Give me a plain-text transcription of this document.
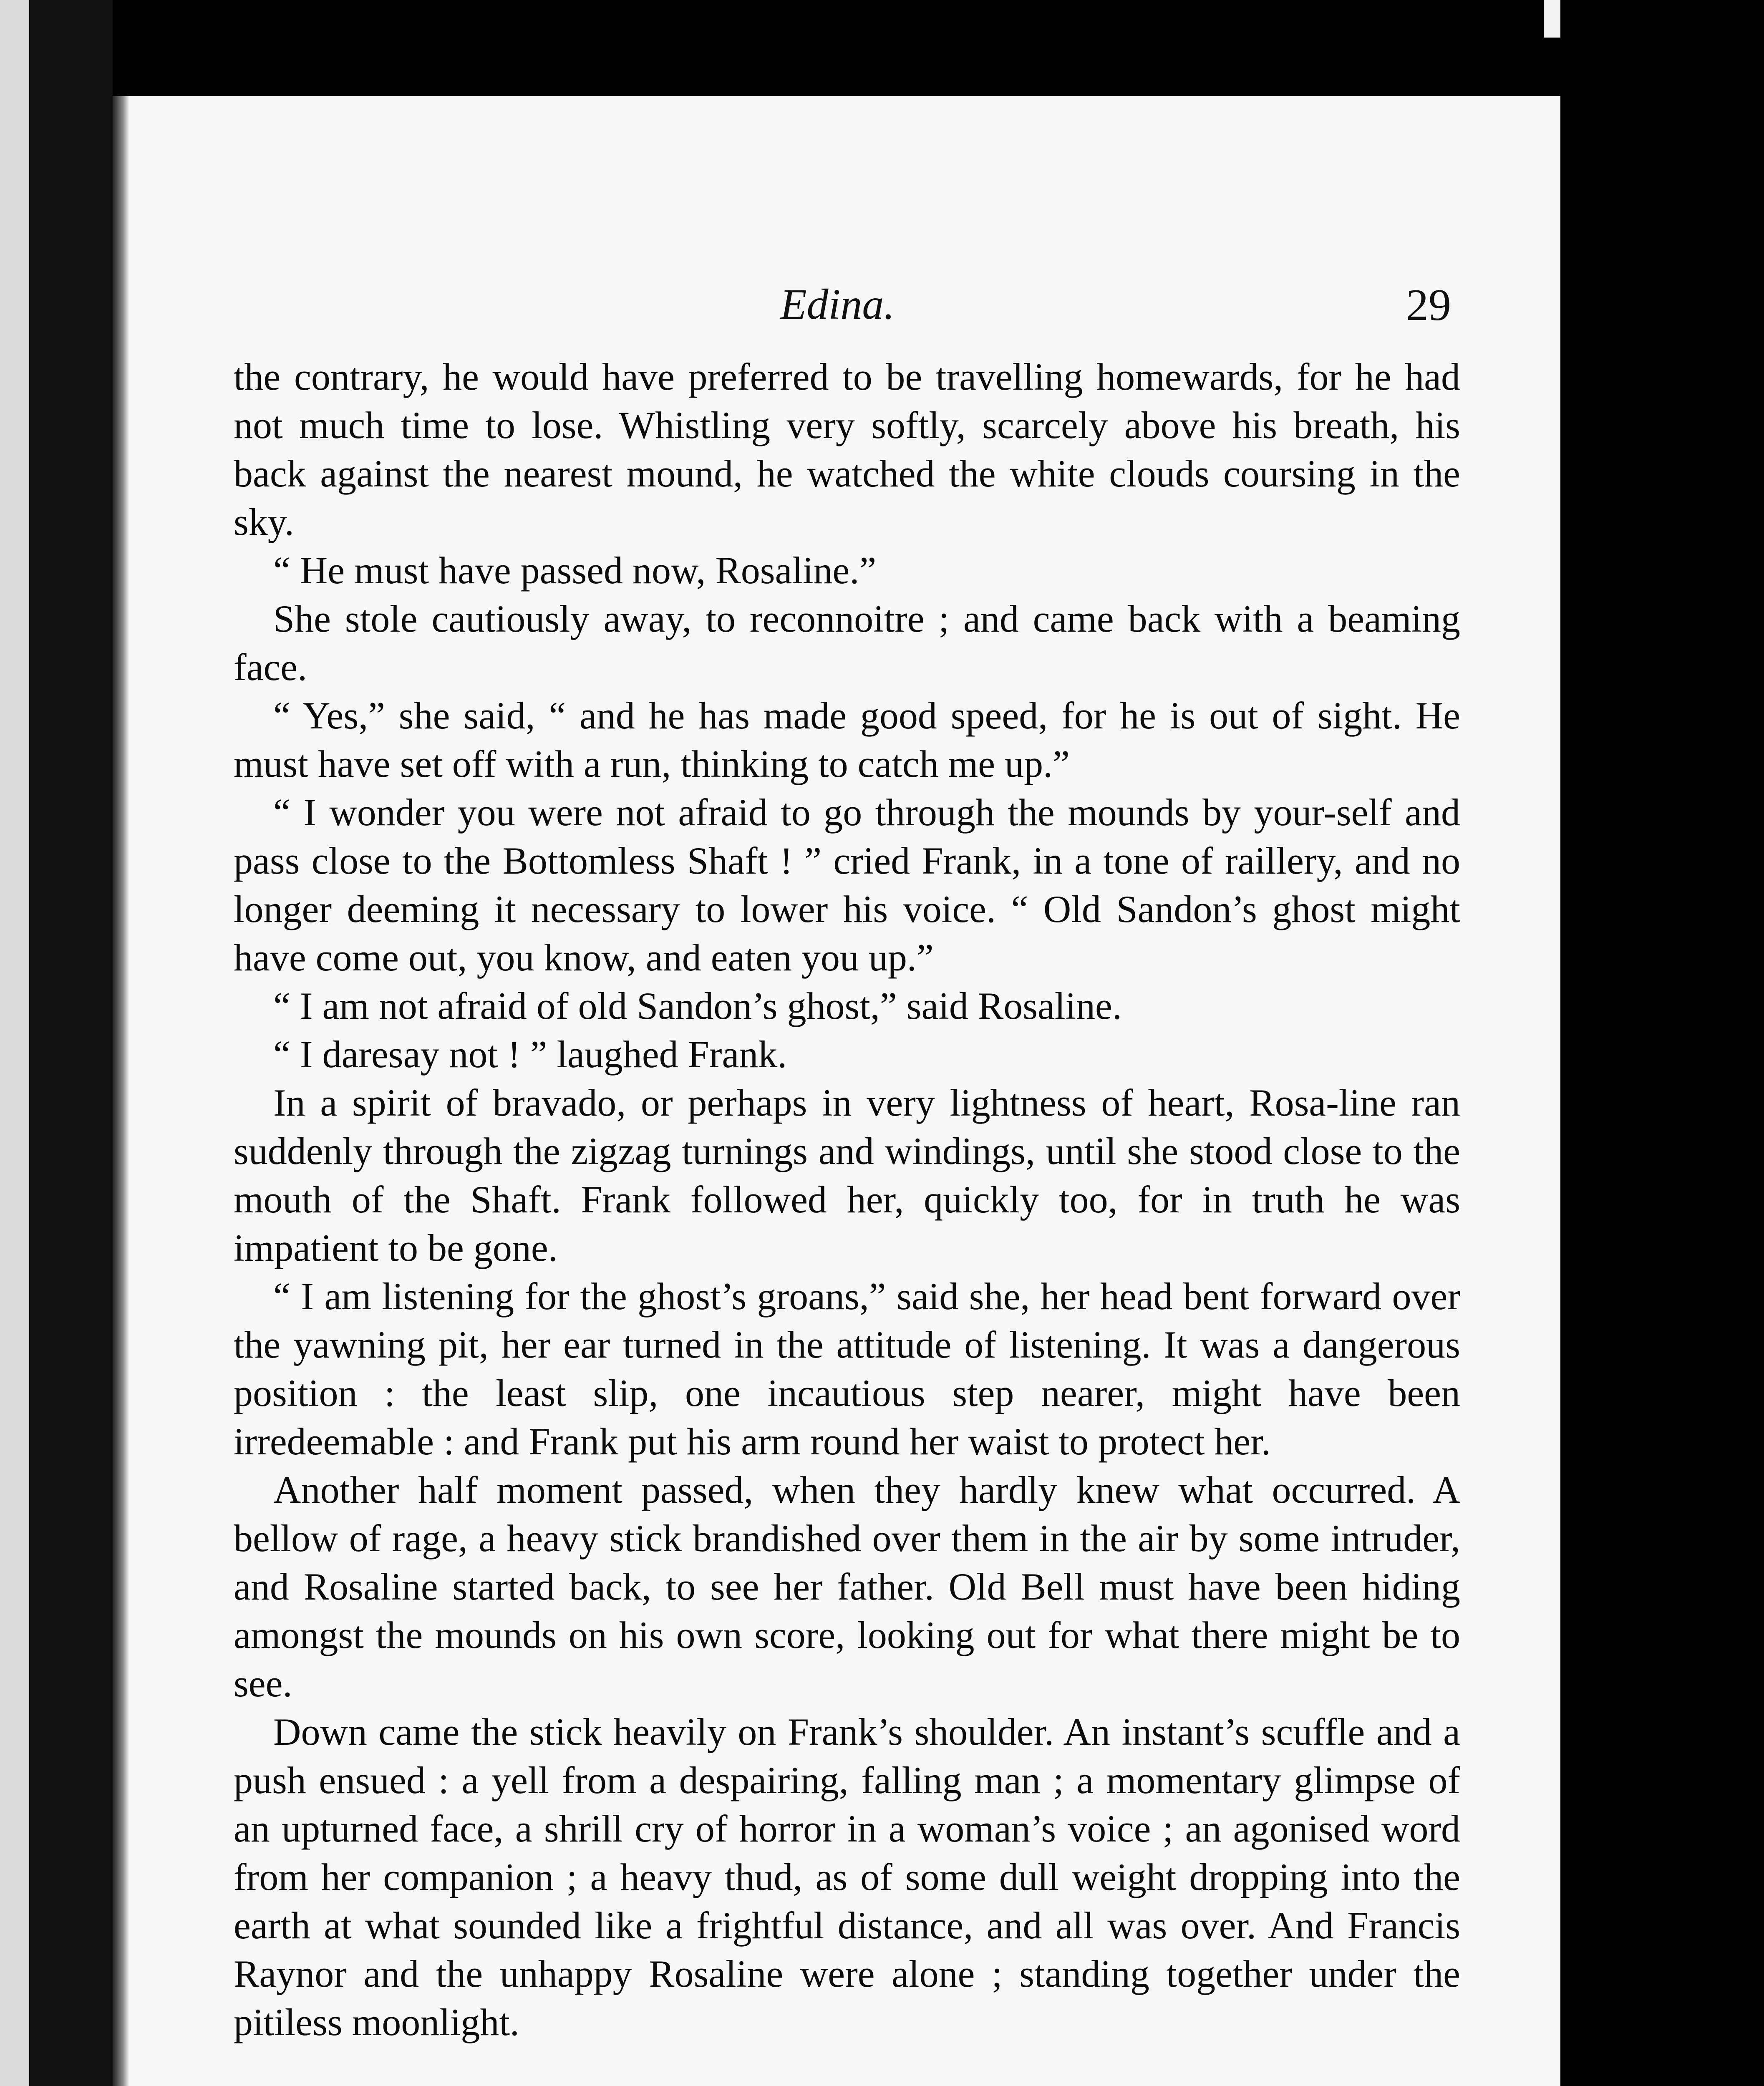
Edina.	29

the contrary, he would have preferred to be travelling homewards, for he had not much time to lose. Whistling very softly, scarcely above his breath, his back against the nearest mound, he watched the white clouds coursing in the sky.

“ He must have passed now, Rosaline.”

She stole cautiously away, to reconnoitre ; and came back with a beaming face.

“ Yes,” she said, “ and he has made good speed, for he is out of sight. He must have set off with a run, thinking to catch me up.”

“ I wonder you were not afraid to go through the mounds by your-self and pass close to the Bottomless Shaft ! ” cried Frank, in a tone of raillery, and no longer deeming it necessary to lower his voice. “ Old Sandon’s ghost might have come out, you know, and eaten you up.”

“ I am not afraid of old Sandon’s ghost,” said Rosaline.

“ I daresay not ! ” laughed Frank.

In a spirit of bravado, or perhaps in very lightness of heart, Rosa-line ran suddenly through the zigzag turnings and windings, until she stood close to the mouth of the Shaft. Frank followed her, quickly too, for in truth he was impatient to be gone.

“ I am listening for the ghost’s groans,” said she, her head bent forward over the yawning pit, her ear turned in the attitude of listening. It was a dangerous position : the least slip, one incautious step nearer, might have been irredeemable : and Frank put his arm round her waist to protect her.

Another half moment passed, when they hardly knew what occurred. A bellow of rage, a heavy stick brandished over them in the air by some intruder, and Rosaline started back, to see her father. Old Bell must have been hiding amongst the mounds on his own score, looking out for what there might be to see.

Down came the stick heavily on Frank’s shoulder. An instant’s scuffle and a push ensued : a yell from a despairing, falling man ; a momentary glimpse of an upturned face, a shrill cry of horror in a woman’s voice ; an agonised word from her companion ; a heavy thud, as of some dull weight dropping into the earth at what sounded like a frightful distance, and all was over. And Francis Raynor and the unhappy Rosaline were alone ; standing together under the pitiless moonlight.
